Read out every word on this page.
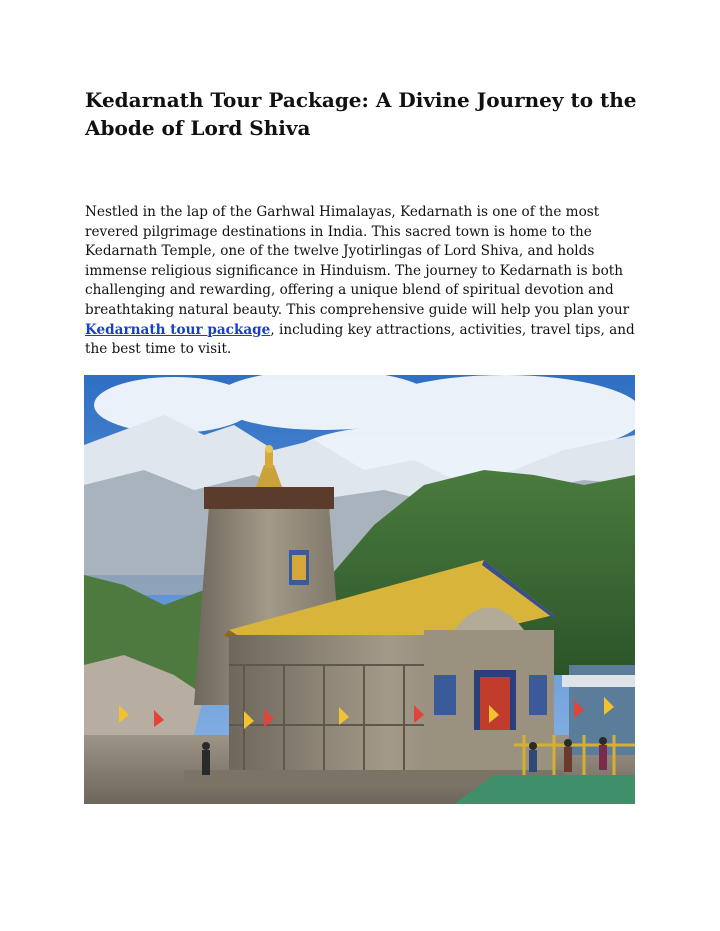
Kedarnath Tour Package: A Divine Journey to the Abode of Lord Shiva

Nestled in the lap of the Garhwal Himalayas, Kedarnath is one of the most revered pilgrimage destinations in India. This sacred town is home to the Kedarnath Temple, one of the twelve Jyotirlingas of Lord Shiva, and holds immense religious significance in Hinduism. The journey to Kedarnath is both challenging and rewarding, offering a unique blend of spiritual devotion and breathtaking natural beauty. This comprehensive guide will help you plan your Kedarnath tour package, including key attractions, activities, travel tips, and the best time to visit.
